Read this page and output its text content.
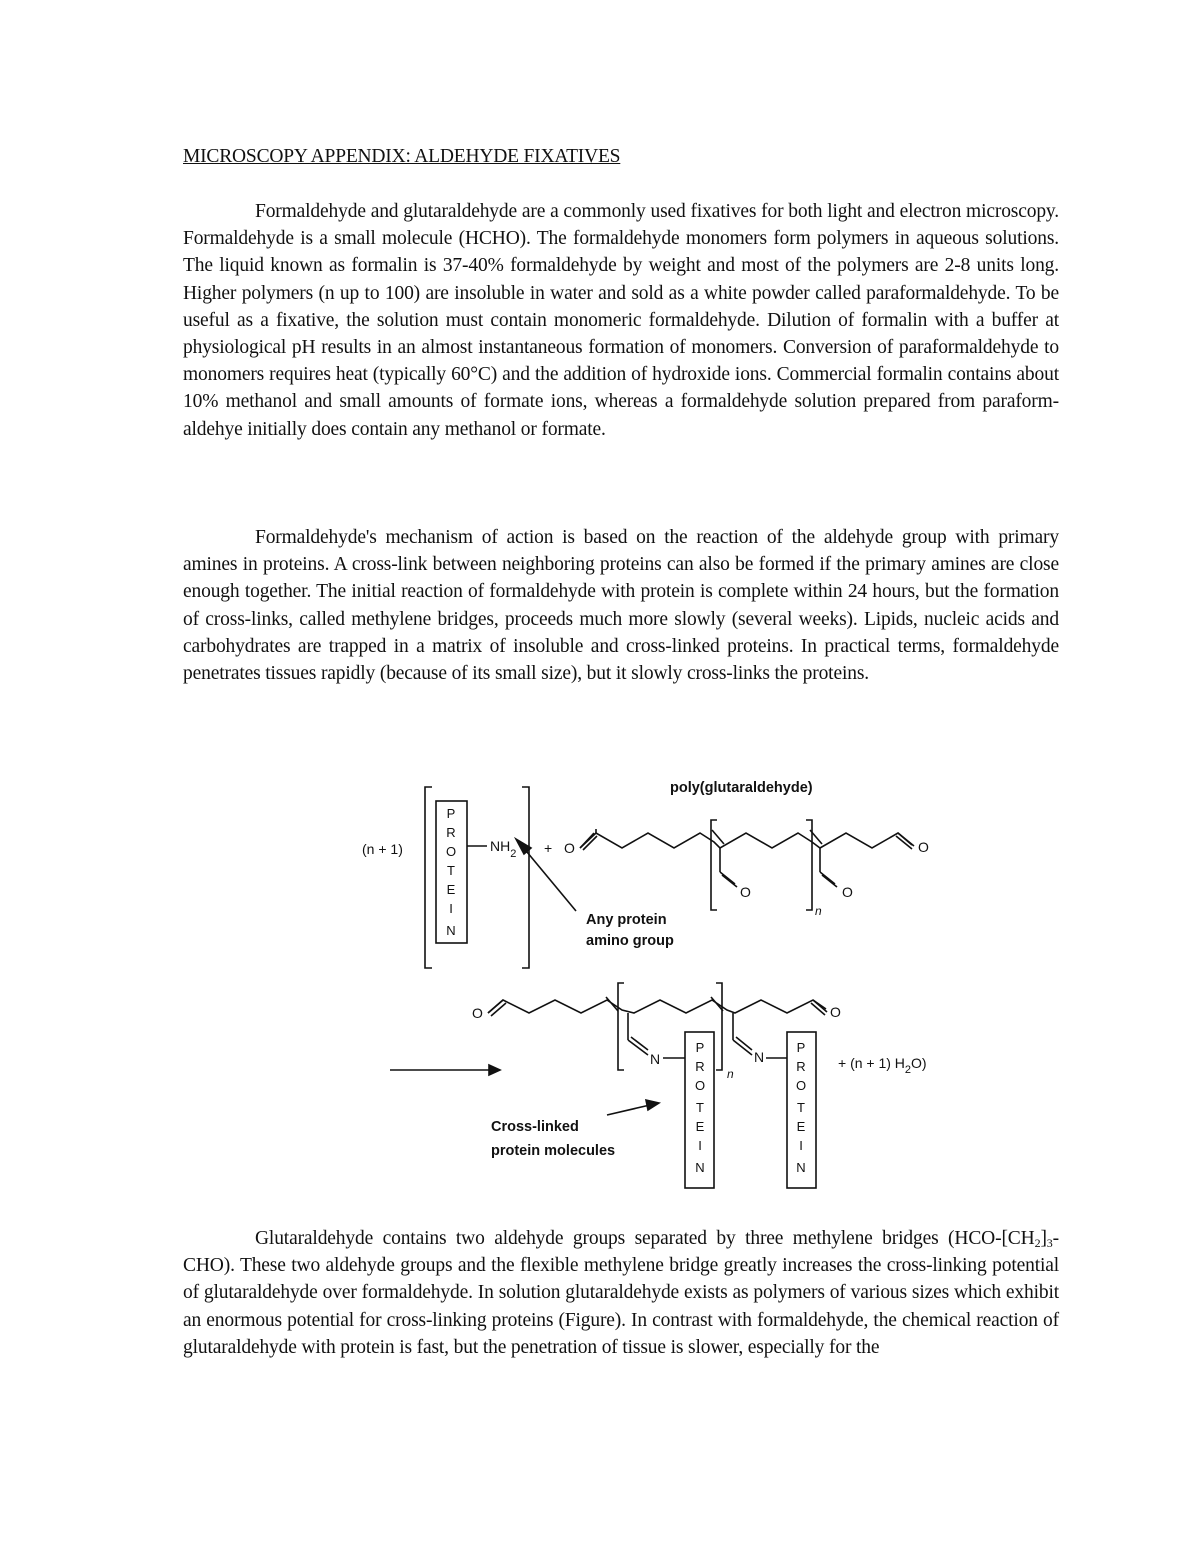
MICROSCOPY APPENDIX: ALDEHYDE FIXATIVES

Formaldehyde and glutaraldehyde are a commonly used fixatives for both light and electron microscopy. Formaldehyde is a small molecule (HCHO). The formaldehyde monomers form polymers in aqueous solutions. The liquid known as formalin is 37-40% formaldehyde by weight and most of the polymers are 2-8 units long. Higher polymers (n up to 100) are insoluble in water and sold as a white powder called paraformaldehyde. To be useful as a fixative, the solution must contain monomeric formaldehyde. Dilution of formalin with a buffer at physiological pH results in an almost instantaneous formation of monomers. Conversion of paraformaldehyde to monomers requires heat (typically 60°C) and the addition of hydroxide ions. Commercial formalin contains about 10% methanol and small amounts of formate ions, whereas a formaldehyde solution prepared from paraform-aldehye initially does contain any methanol or formate.

Formaldehyde's mechanism of action is based on the reaction of the aldehyde group with primary amines in proteins. A cross-link between neighboring proteins can also be formed if the primary amines are close enough together. The initial reaction of formaldehyde with protein is complete within 24 hours, but the formation of cross-links, called methylene bridges, proceeds much more slowly (several weeks). Lipids, nucleic acids and carbohydrates are trapped in a matrix of insoluble and cross-linked proteins. In practical terms, formaldehyde penetrates tissues rapidly (because of its small size), but it slowly cross-links the proteins.

poly(glutaraldehyde)
(n + 1)	$NH_2 + O$	O
O	O
n
P
R
O
T
E
I
N
Any protein
amino group
O	O
N	N
n
P
R
O
T
E
I
N
P
R
O
T
E
I
N
+ (n + 1) $H_2O$)
Cross-linked
protein molecules

Glutaraldehyde contains two aldehyde groups separated by three methylene bridges $(HCO-[CH_2]_3-CHO)$. These two aldehyde groups and the flexible methylene bridge greatly increases the cross-linking potential of glutaraldehyde over formaldehyde. In solution glutaraldehyde exists as polymers of various sizes which exhibit an enormous potential for cross-linking proteins (Figure). In contrast with formaldehyde, the chemical reaction of glutaraldehyde with protein is fast, but the penetration of tissue is slower, especially for the
